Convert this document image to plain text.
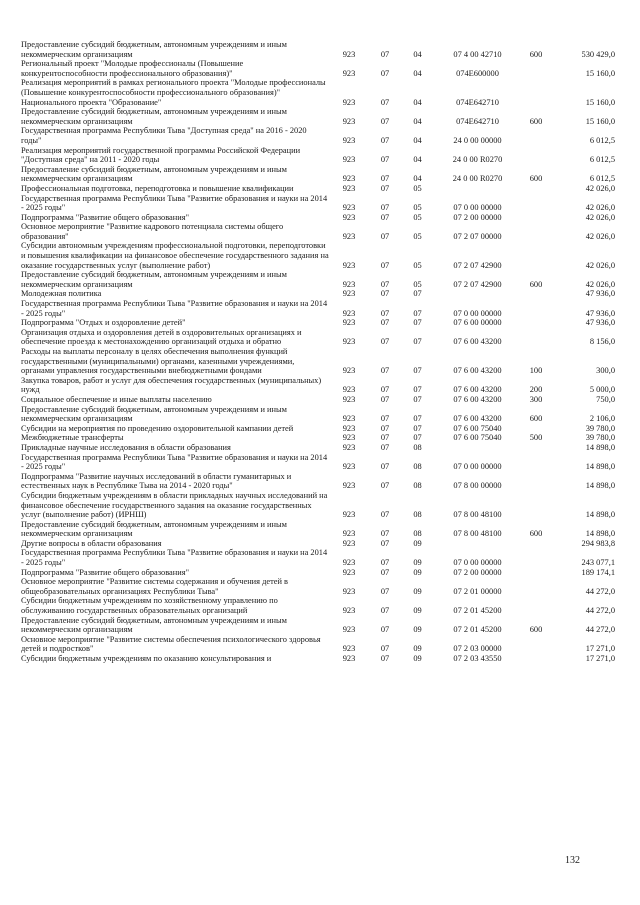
Предоставление субсидий бюджетным, автономным учреждениям и иным некоммерческим организациям	923	07	04	07 4 00 42710	600	530 429,0
Региональный проект "Молодые профессионалы (Повышение конкурентоспособности профессионального образования)"	923	07	04	074E600000		15 160,0
Реализация мероприятий в рамках регионального проекта "Молодые профессионалы (Повышение конкурентоспособности профессионального образования)" Национального проекта "Образование"	923	07	04	074E642710		15 160,0
Предоставление субсидий бюджетным, автономным учреждениям и иным некоммерческим организациям	923	07	04	074E642710	600	15 160,0
Государственная программа Республики Тыва "Доступная среда" на 2016 - 2020 годы"	923	07	04	24 0 00 00000		6 012,5
Реализация мероприятий государственной программы Российской Федерации "Доступная среда" на 2011 - 2020 годы	923	07	04	24 0 00 R0270		6 012,5
Предоставление субсидий бюджетным, автономным учреждениям и иным некоммерческим организациям	923	07	04	24 0 00 R0270	600	6 012,5
Профессиональная подготовка, переподготовка и повышение квалификации	923	07	05			42 026,0
Государственная программа Республики Тыва "Развитие образования и науки на 2014 - 2025 годы"	923	07	05	07 0 00 00000		42 026,0
Подпрограмма "Развитие общего образования"	923	07	05	07 2 00 00000		42 026,0
Основное мероприятие "Развитие кадрового потенциала системы общего образования"	923	07	05	07 2 07 00000		42 026,0
Субсидии автономным учреждениям профессиональной подготовки, переподготовки и повышения квалификации на финансовое обеспечение государственного задания на оказание государственных услуг (выполнение работ)	923	07	05	07 2 07 42900		42 026,0
Предоставление субсидий бюджетным, автономным учреждениям и иным некоммерческим организациям	923	07	05	07 2 07 42900	600	42 026,0
Молодежная политика	923	07	07			47 936,0
Государственная программа Республики Тыва "Развитие образования и науки на 2014 - 2025 годы"	923	07	07	07 0 00 00000		47 936,0
Подпрограмма "Отдых и оздоровление детей"	923	07	07	07 6 00 00000		47 936,0
Организация отдыха и оздоровления детей в оздоровительных организациях и обеспечение проезда к местонахождению организаций отдыха и обратно	923	07	07	07 6 00 43200		8 156,0
Расходы на выплаты персоналу в целях обеспечения выполнения функций государственными (муниципальными) органами, казенными учреждениями, органами управления государственными внебюджетными фондами	923	07	07	07 6 00 43200	100	300,0
Закупка товаров, работ и услуг для обеспечения государственных (муниципальных) нужд	923	07	07	07 6 00 43200	200	5 000,0
Социальное обеспечение и иные выплаты населению	923	07	07	07 6 00 43200	300	750,0
Предоставление субсидий бюджетным, автономным учреждениям и иным некоммерческим организациям	923	07	07	07 6 00 43200	600	2 106,0
Субсидии на мероприятия по проведению оздоровительной кампании детей	923	07	07	07 6 00 75040		39 780,0
Межбюджетные трансферты	923	07	07	07 6 00 75040	500	39 780,0
Прикладные научные исследования в области образования	923	07	08			14 898,0
Государственная программа Республики Тыва "Развитие образования и науки на 2014 - 2025 годы"	923	07	08	07 0 00 00000		14 898,0
Подпрограмма "Развитие научных исследований в области гуманитарных и естественных наук в Республике Тыва на 2014 - 2020 годы"	923	07	08	07 8 00 00000		14 898,0
Субсидии бюджетным учреждениям в области прикладных научных исследований на финансовое обеспечение государственного задания на оказание государственных услуг (выполнение работ) (ИРНШ)	923	07	08	07 8 00 48100		14 898,0
Предоставление субсидий бюджетным, автономным учреждениям и иным некоммерческим организациям	923	07	08	07 8 00 48100	600	14 898,0
Другие вопросы в области образования	923	07	09			294 983,8
Государственная программа Республики Тыва "Развитие образования и науки на 2014 - 2025 годы"	923	07	09	07 0 00 00000		243 077,1
Подпрограмма "Развитие общего образования"	923	07	09	07 2 00 00000		189 174,1
Основное мероприятие "Развитие системы содержания и обучения детей в общеобразовательных организациях Республики Тыва"	923	07	09	07 2 01 00000		44 272,0
Субсидии бюджетным учреждениям по хозяйственному управлению по обслуживанию государственных образовательных организаций	923	07	09	07 2 01 45200		44 272,0
Предоставление субсидий бюджетным, автономным учреждениям и иным некоммерческим организациям	923	07	09	07 2 01 45200	600	44 272,0
Основное мероприятие "Развитие системы обеспечения психологического здоровья детей и подростков"	923	07	09	07 2 03 00000		17 271,0
Субсидии бюджетным учреждениям по оказанию консультирования и	923	07	09	07 2 03 43550		17 271,0
132
